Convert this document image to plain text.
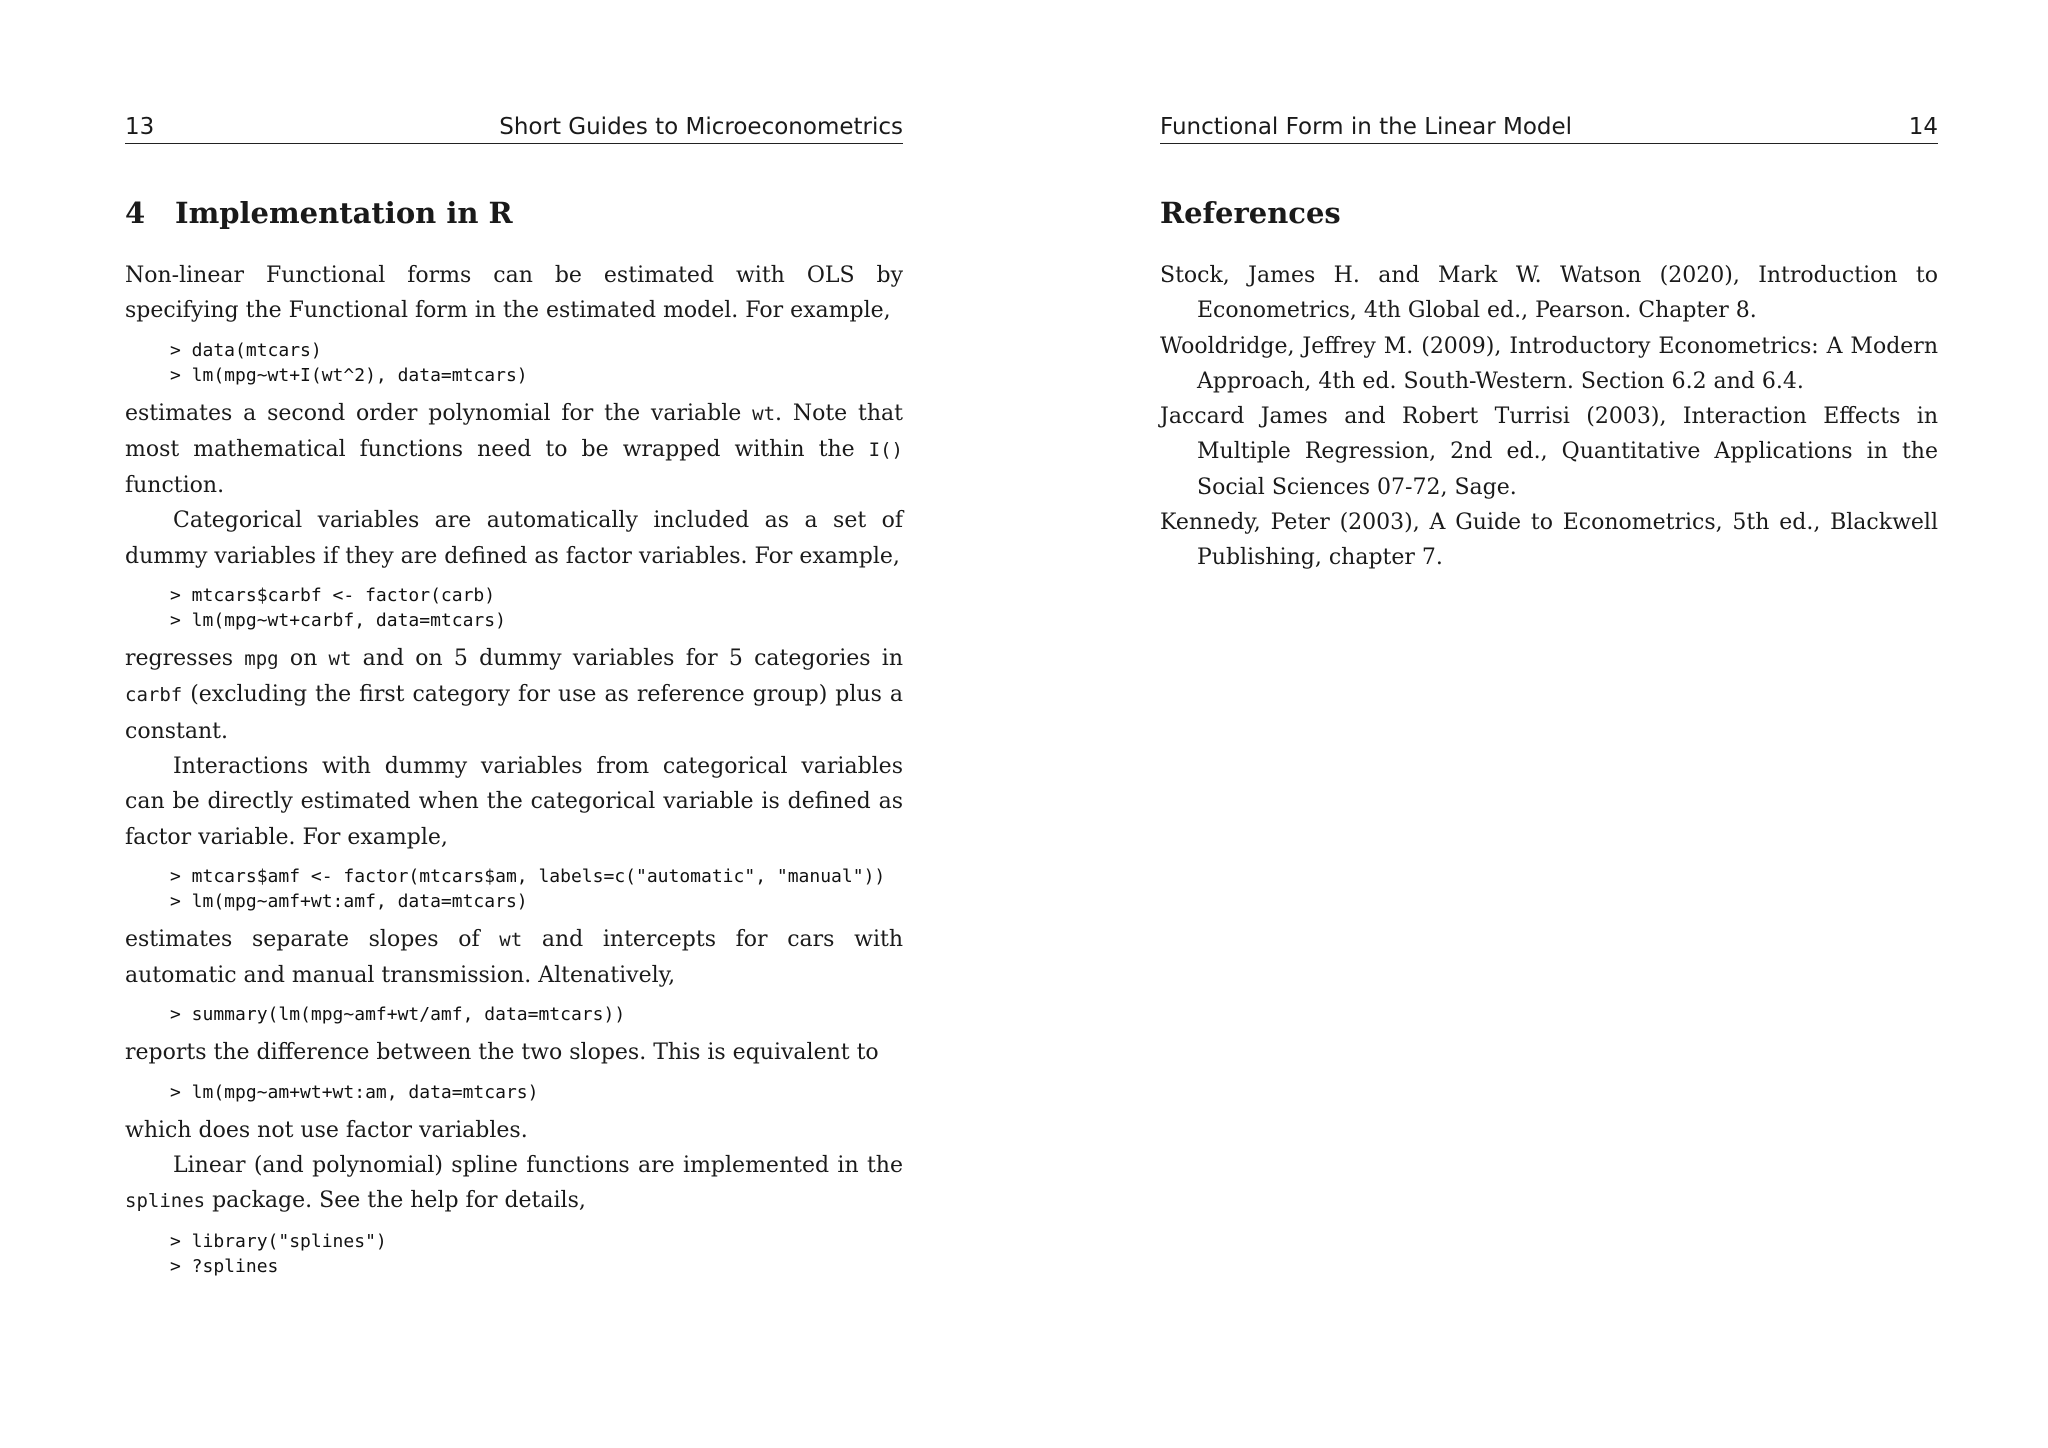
13	Short Guides to Microeconometrics
4 Implementation in R

Non-linear Functional forms can be estimated with OLS by specifying the Functional form in the estimated model. For example,

> data(mtcars)
> lm(mpg~wt+I(wt^2), data=mtcars)

estimates a second order polynomial for the variable wt. Note that most mathematical functions need to be wrapped within the I() function.

Categorical variables are automatically included as a set of dummy variables if they are defined as factor variables. For example,

> mtcars$carbf <- factor(carb)
> lm(mpg~wt+carbf, data=mtcars)

regresses mpg on wt and on 5 dummy variables for 5 categories in carbf (excluding the first category for use as reference group) plus a constant.

Interactions with dummy variables from categorical variables can be directly estimated when the categorical variable is defined as factor variable. For example,

> mtcars$amf <- factor(mtcars$am, labels=c("automatic", "manual"))
> lm(mpg~amf+wt:amf, data=mtcars)

estimates separate slopes of wt and intercepts for cars with automatic and manual transmission. Altenatively,

> summary(lm(mpg~amf+wt/amf, data=mtcars))

reports the difference between the two slopes. This is equivalent to

> lm(mpg~am+wt+wt:am, data=mtcars)

which does not use factor variables.

Linear (and polynomial) spline functions are implemented in the splines package. See the help for details,

> library("splines")
> ?splines
Functional Form in the Linear Model	14
References

Stock, James H. and Mark W. Watson (2020), Introduction to Econometrics, 4th Global ed., Pearson. Chapter 8.

Wooldridge, Jeffrey M. (2009), Introductory Econometrics: A Modern Approach, 4th ed. South-Western. Section 6.2 and 6.4.

Jaccard James and Robert Turrisi (2003), Interaction Effects in Multiple Regression, 2nd ed., Quantitative Applications in the Social Sciences 07-72, Sage.

Kennedy, Peter (2003), A Guide to Econometrics, 5th ed., Blackwell Publishing, chapter 7.
